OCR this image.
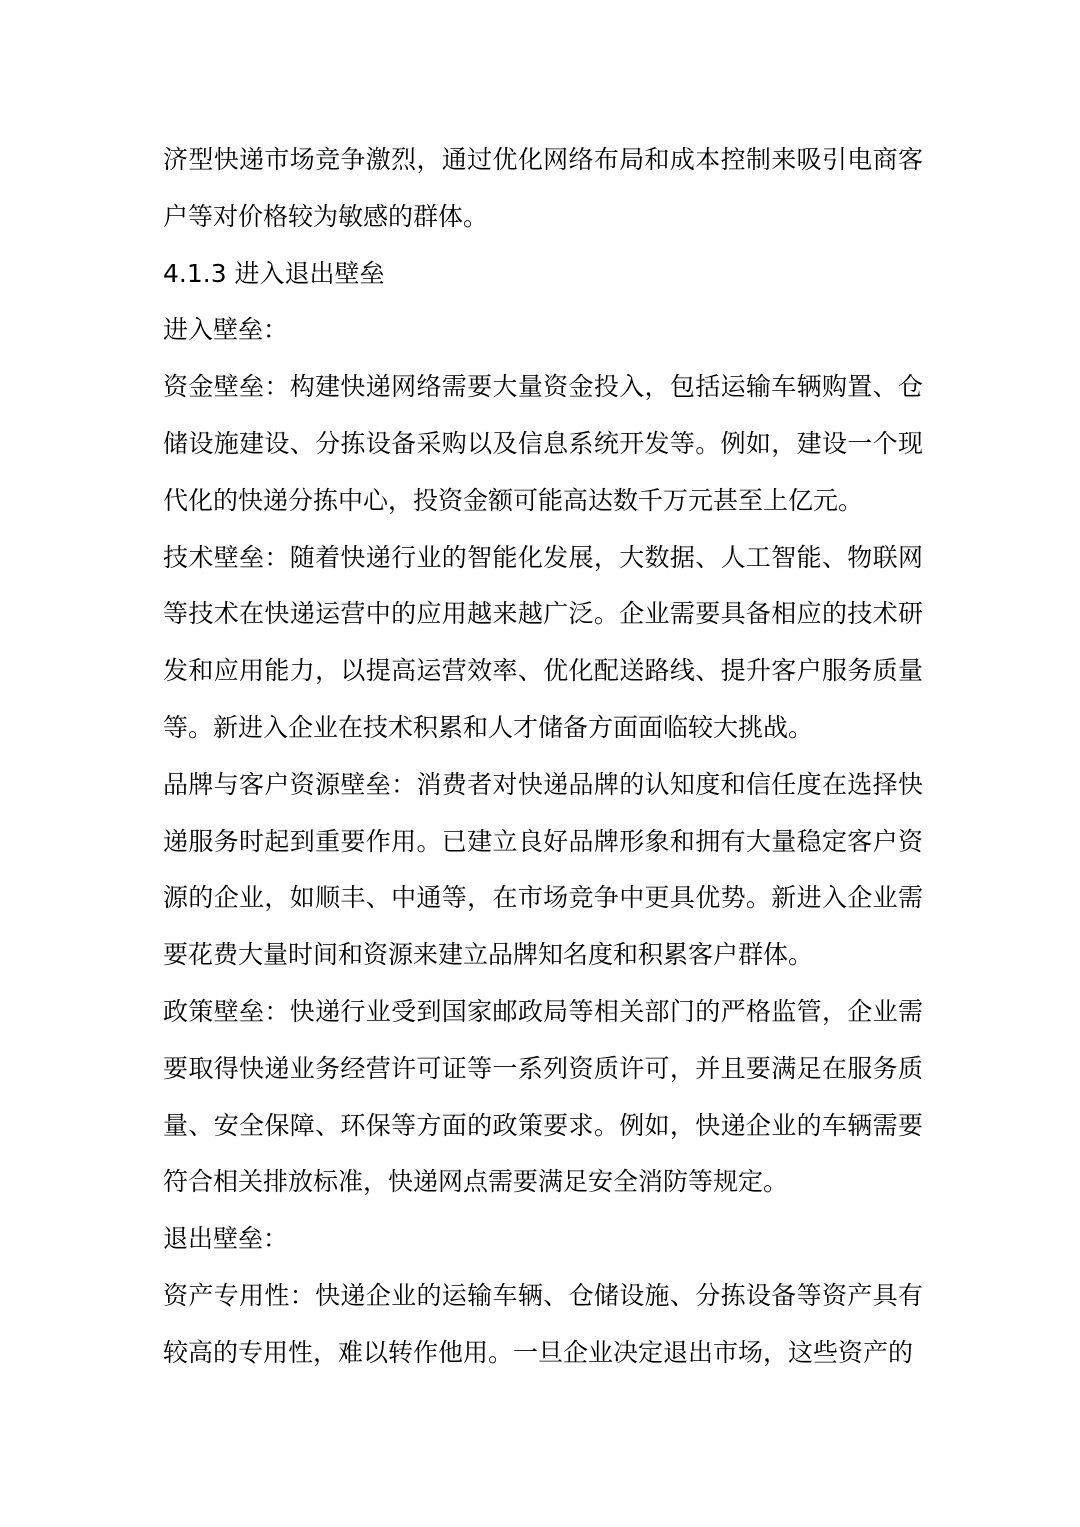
济型快递市场竞争激烈，通过优化网络布局和成本控制来吸引电商客户等对价格较为敏感的群体。

4.1.3 进入退出壁垒

进入壁垒：

资金壁垒：构建快递网络需要大量资金投入，包括运输车辆购置、仓储设施建设、分拣设备采购以及信息系统开发等。例如，建设一个现代化的快递分拣中心，投资金额可能高达数千万元甚至上亿元。

技术壁垒：随着快递行业的智能化发展，大数据、人工智能、物联网等技术在快递运营中的应用越来越广泛。企业需要具备相应的技术研发和应用能力，以提高运营效率、优化配送路线、提升客户服务质量等。新进入企业在技术积累和人才储备方面面临较大挑战。

品牌与客户资源壁垒：消费者对快递品牌的认知度和信任度在选择快递服务时起到重要作用。已建立良好品牌形象和拥有大量稳定客户资源的企业，如顺丰、中通等，在市场竞争中更具优势。新进入企业需要花费大量时间和资源来建立品牌知名度和积累客户群体。

政策壁垒：快递行业受到国家邮政局等相关部门的严格监管，企业需要取得快递业务经营许可证等一系列资质许可，并且要满足在服务质量、安全保障、环保等方面的政策要求。例如，快递企业的车辆需要符合相关排放标准，快递网点需要满足安全消防等规定。

退出壁垒：

资产专用性：快递企业的运输车辆、仓储设施、分拣设备等资产具有较高的专用性，难以转作他用。一旦企业决定退出市场，这些资产的
